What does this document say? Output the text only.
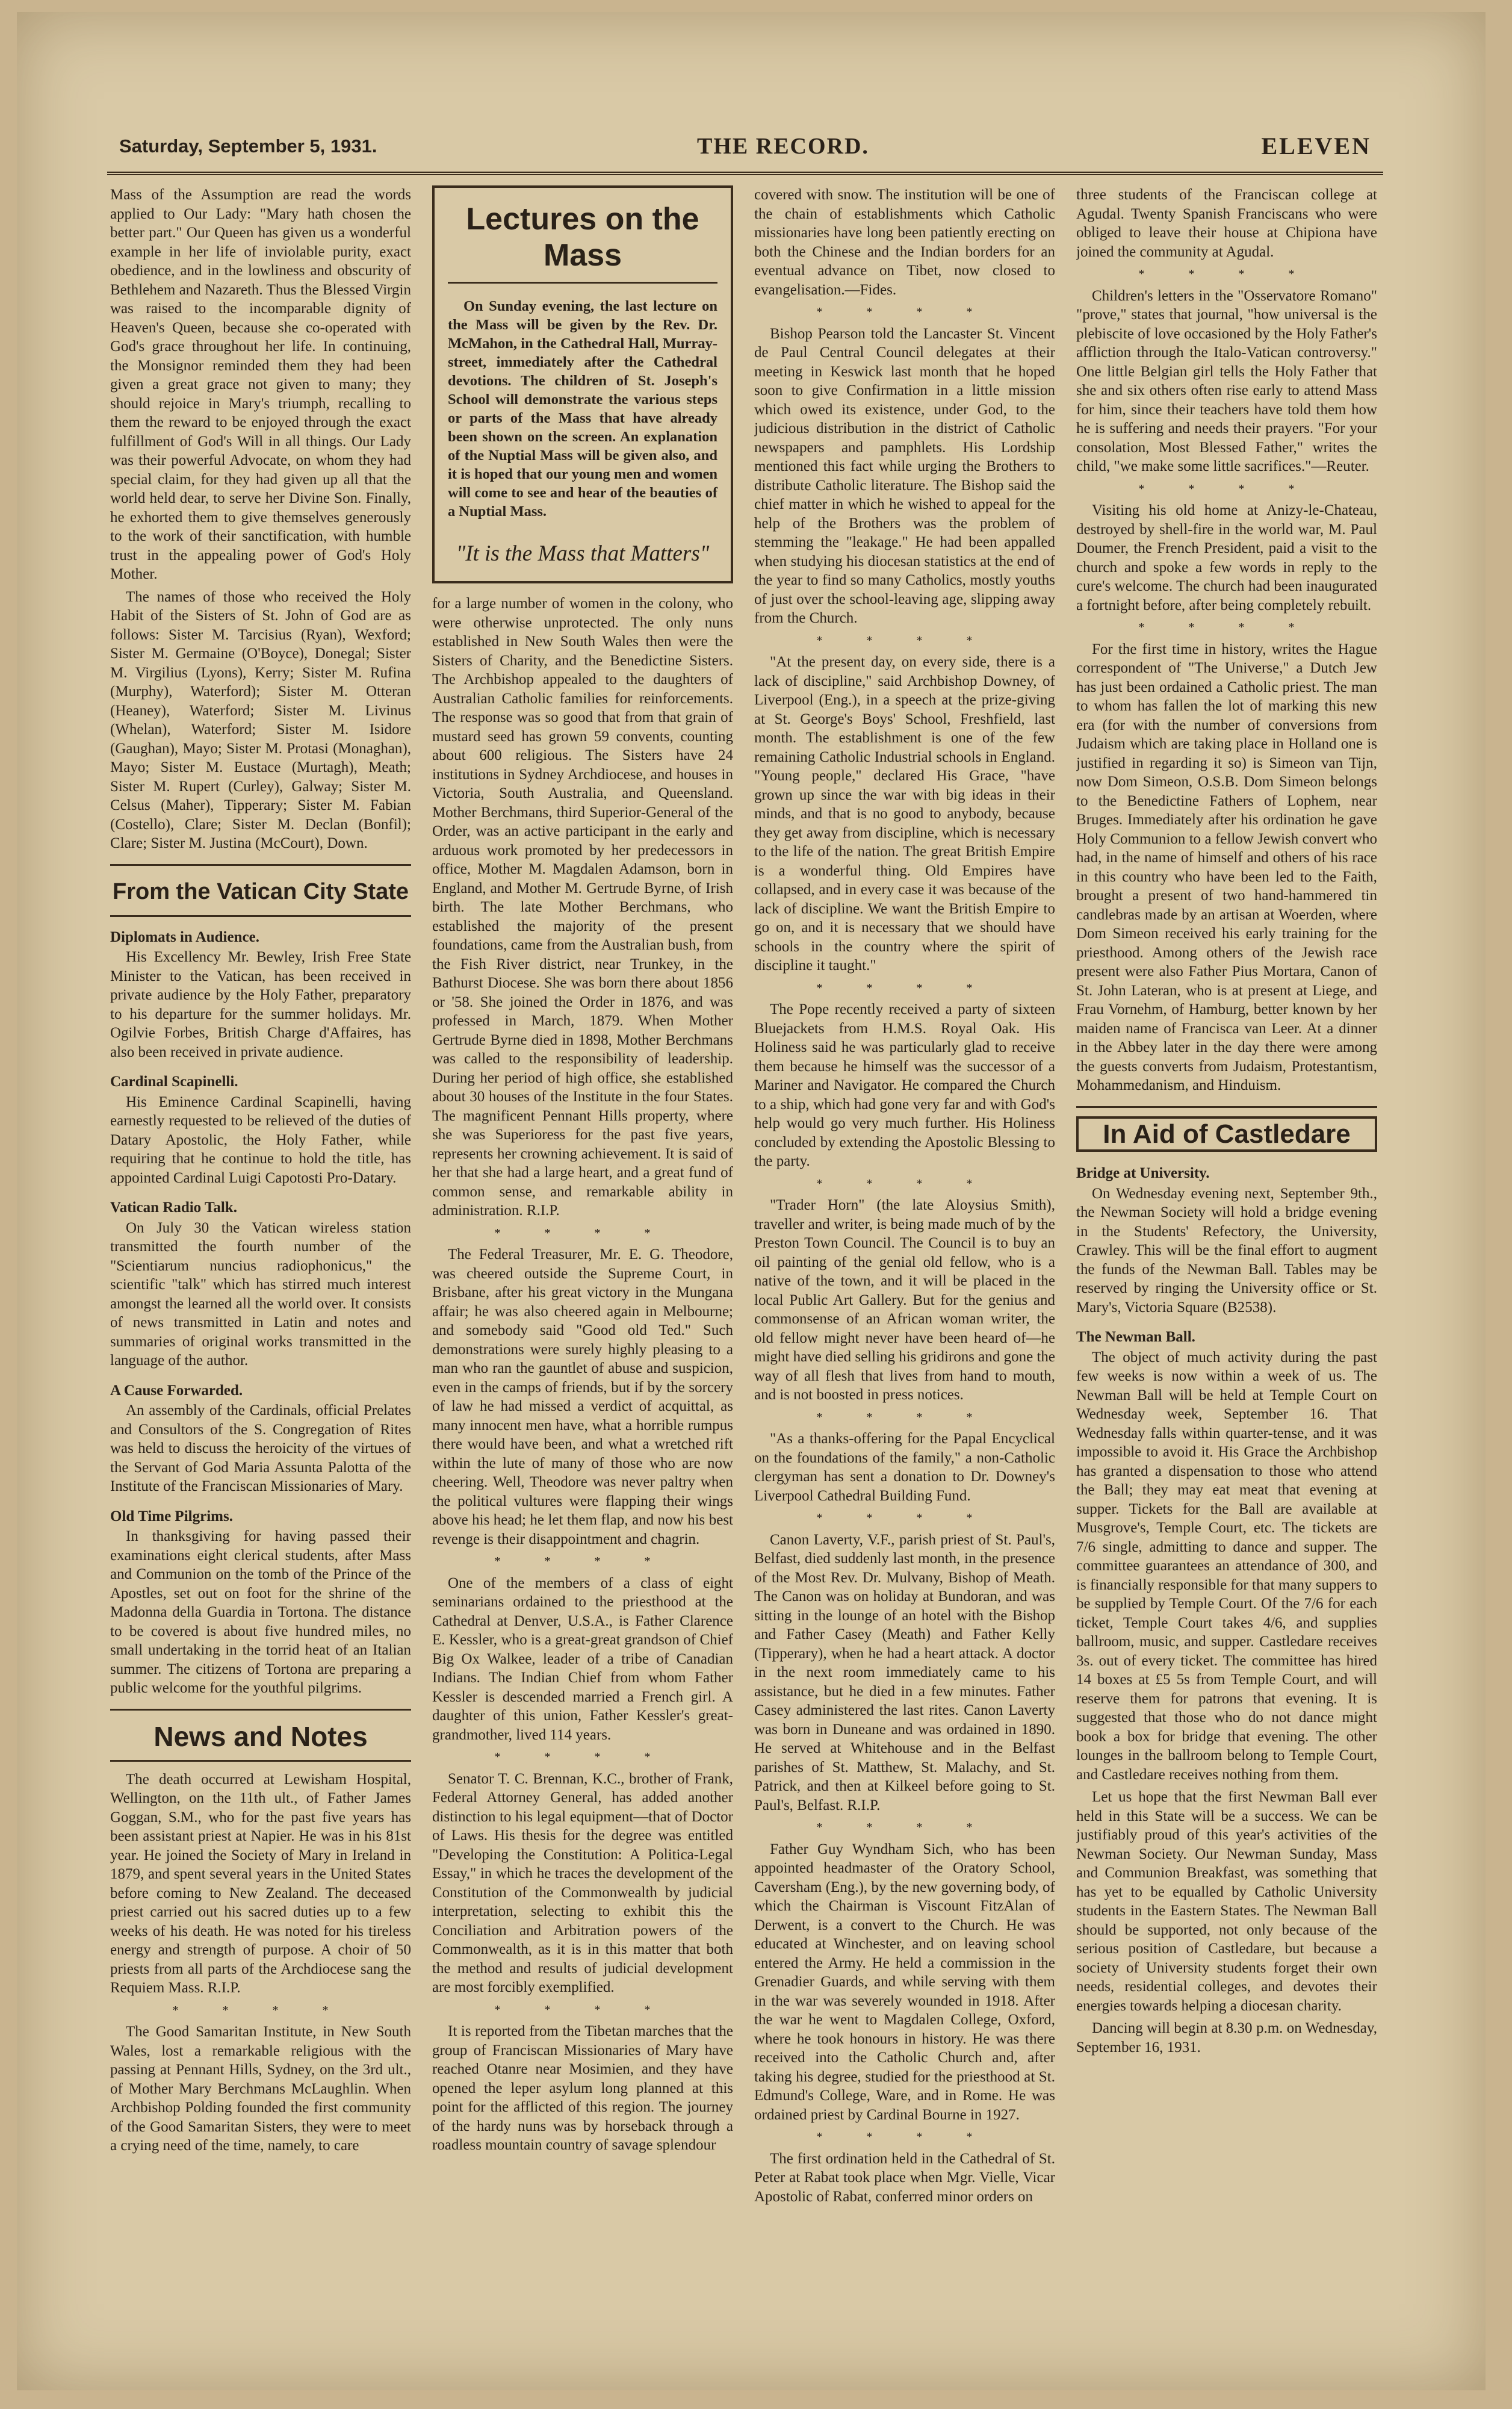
Saturday, September 5, 1931.	THE RECORD.	ELEVEN

Mass of the Assumption are read the words applied to Our Lady: "Mary hath chosen the better part." Our Queen has given us a wonderful example in her life of inviolable purity, exact obedience, and in the lowliness and obscurity of Bethlehem and Nazareth. Thus the Blessed Virgin was raised to the incomparable dignity of Heaven's Queen, because she co-operated with God's grace throughout her life. In continuing, the Monsignor reminded them they had been given a great grace not given to many; they should rejoice in Mary's triumph, recalling to them the reward to be enjoyed through the exact fulfillment of God's Will in all things. Our Lady was their powerful Advocate, on whom they had special claim, for they had given up all that the world held dear, to serve her Divine Son. Finally, he exhorted them to give themselves generously to the work of their sanctification, with humble trust in the appealing power of God's Holy Mother.

The names of those who received the Holy Habit of the Sisters of St. John of God are as follows: Sister M. Tarcisius (Ryan), Wexford; Sister M. Germaine (O'Boyce), Donegal; Sister M. Virgilius (Lyons), Kerry; Sister M. Rufina (Murphy), Waterford); Sister M. Otteran (Heaney), Waterford; Sister M. Livinus (Whelan), Waterford; Sister M. Isidore (Gaughan), Mayo; Sister M. Protasi (Monaghan), Mayo; Sister M. Eustace (Murtagh), Meath; Sister M. Rupert (Curley), Galway; Sister M. Celsus (Maher), Tipperary; Sister M. Fabian (Costello), Clare; Sister M. Declan (Bonfil); Clare; Sister M. Justina (McCourt), Down.

From the Vatican City State
Diplomats in Audience.

His Excellency Mr. Bewley, Irish Free State Minister to the Vatican, has been received in private audience by the Holy Father, preparatory to his departure for the summer holidays. Mr. Ogilvie Forbes, British Charge d'Affaires, has also been received in private audience.

Cardinal Scapinelli.

His Eminence Cardinal Scapinelli, having earnestly requested to be relieved of the duties of Datary Apostolic, the Holy Father, while requiring that he continue to hold the title, has appointed Cardinal Luigi Capotosti Pro-Datary.

Vatican Radio Talk.

On July 30 the Vatican wireless station transmitted the fourth number of the "Scientiarum nuncius radiophonicus," the scientific "talk" which has stirred much interest amongst the learned all the world over. It consists of news transmitted in Latin and notes and summaries of original works transmitted in the language of the author.

A Cause Forwarded.

An assembly of the Cardinals, official Prelates and Consultors of the S. Congregation of Rites was held to discuss the heroicity of the virtues of the Servant of God Maria Assunta Palotta of the Institute of the Franciscan Missionaries of Mary.

Old Time Pilgrims.

In thanksgiving for having passed their examinations eight clerical students, after Mass and Communion on the tomb of the Prince of the Apostles, set out on foot for the shrine of the Madonna della Guardia in Tortona. The distance to be covered is about five hundred miles, no small undertaking in the torrid heat of an Italian summer. The citizens of Tortona are preparing a public welcome for the youthful pilgrims.

News and Notes

The death occurred at Lewisham Hospital, Wellington, on the 11th ult., of Father James Goggan, S.M., who for the past five years has been assistant priest at Napier. He was in his 81st year. He joined the Society of Mary in Ireland in 1879, and spent several years in the United States before coming to New Zealand. The deceased priest carried out his sacred duties up to a few weeks of his death. He was noted for his tireless energy and strength of purpose. A choir of 50 priests from all parts of the Archdiocese sang the Requiem Mass. R.I.P.

* * * *

The Good Samaritan Institute, in New South Wales, lost a remarkable religious with the passing at Pennant Hills, Sydney, on the 3rd ult., of Mother Mary Berchmans McLaughlin. When Archbishop Polding founded the first community of the Good Samaritan Sisters, they were to meet a crying need of the time, namely, to care

Lectures on the Mass
On Sunday evening, the last lecture on the Mass will be given by the Rev. Dr. McMahon, in the Cathedral Hall, Murray-street, immediately after the Cathedral devotions. The children of St. Joseph's School will demonstrate the various steps or parts of the Mass that have already been shown on the screen. An explanation of the Nuptial Mass will be given also, and it is hoped that our young men and women will come to see and hear of the beauties of a Nuptial Mass.
"It is the Mass that Matters"

for a large number of women in the colony, who were otherwise unprotected. The only nuns established in New South Wales then were the Sisters of Charity, and the Benedictine Sisters. The Archbishop appealed to the daughters of Australian Catholic families for reinforcements. The response was so good that from that grain of mustard seed has grown 59 convents, counting about 600 religious. The Sisters have 24 institutions in Sydney Archdiocese, and houses in Victoria, South Australia, and Queensland. Mother Berchmans, third Superior-General of the Order, was an active participant in the early and arduous work promoted by her predecessors in office, Mother M. Magdalen Adamson, born in England, and Mother M. Gertrude Byrne, of Irish birth. The late Mother Berchmans, who established the majority of the present foundations, came from the Australian bush, from the Fish River district, near Trunkey, in the Bathurst Diocese. She was born there about 1856 or '58. She joined the Order in 1876, and was professed in March, 1879. When Mother Gertrude Byrne died in 1898, Mother Berchmans was called to the responsibility of leadership. During her period of high office, she established about 30 houses of the Institute in the four States. The magnificent Pennant Hills property, where she was Superioress for the past five years, represents her crowning achievement. It is said of her that she had a large heart, and a great fund of common sense, and remarkable ability in administration. R.I.P.

* * * *

The Federal Treasurer, Mr. E. G. Theodore, was cheered outside the Supreme Court, in Brisbane, after his great victory in the Mungana affair; he was also cheered again in Melbourne; and somebody said "Good old Ted." Such demonstrations were surely highly pleasing to a man who ran the gauntlet of abuse and suspicion, even in the camps of friends, but if by the sorcery of law he had missed a verdict of acquittal, as many innocent men have, what a horrible rumpus there would have been, and what a wretched rift within the lute of many of those who are now cheering. Well, Theodore was never paltry when the political vultures were flapping their wings above his head; he let them flap, and now his best revenge is their disappointment and chagrin.

* * * *

One of the members of a class of eight seminarians ordained to the priesthood at the Cathedral at Denver, U.S.A., is Father Clarence E. Kessler, who is a great-great grandson of Chief Big Ox Walkee, leader of a tribe of Canadian Indians. The Indian Chief from whom Father Kessler is descended married a French girl. A daughter of this union, Father Kessler's great-grandmother, lived 114 years.

* * * *

Senator T. C. Brennan, K.C., brother of Frank, Federal Attorney General, has added another distinction to his legal equipment—that of Doctor of Laws. His thesis for the degree was entitled "Developing the Constitution: A Politica-Legal Essay," in which he traces the development of the Constitution of the Commonwealth by judicial interpretation, selecting to exhibit this the Conciliation and Arbitration powers of the Commonwealth, as it is in this matter that both the method and results of judicial development are most forcibly exemplified.

* * * *

It is reported from the Tibetan marches that the group of Franciscan Missionaries of Mary have reached Otanre near Mosimien, and they have opened the leper asylum long planned at this point for the afflicted of this region. The journey of the hardy nuns was by horseback through a roadless mountain country of savage splendour

covered with snow. The institution will be one of the chain of establishments which Catholic missionaries have long been patiently erecting on both the Chinese and the Indian borders for an eventual advance on Tibet, now closed to evangelisation.—Fides.

* * * *

Bishop Pearson told the Lancaster St. Vincent de Paul Central Council delegates at their meeting in Keswick last month that he hoped soon to give Confirmation in a little mission which owed its existence, under God, to the judicious distribution in the district of Catholic newspapers and pamphlets. His Lordship mentioned this fact while urging the Brothers to distribute Catholic literature. The Bishop said the chief matter in which he wished to appeal for the help of the Brothers was the problem of stemming the "leakage." He had been appalled when studying his diocesan statistics at the end of the year to find so many Catholics, mostly youths of just over the school-leaving age, slipping away from the Church.

* * * *

"At the present day, on every side, there is a lack of discipline," said Archbishop Downey, of Liverpool (Eng.), in a speech at the prize-giving at St. George's Boys' School, Freshfield, last month. The establishment is one of the few remaining Catholic Industrial schools in England. "Young people," declared His Grace, "have grown up since the war with big ideas in their minds, and that is no good to anybody, because they get away from discipline, which is necessary to the life of the nation. The great British Empire is a wonderful thing. Old Empires have collapsed, and in every case it was because of the lack of discipline. We want the British Empire to go on, and it is necessary that we should have schools in the country where the spirit of discipline it taught."

* * * *

The Pope recently received a party of sixteen Bluejackets from H.M.S. Royal Oak. His Holiness said he was particularly glad to receive them because he himself was the successor of a Mariner and Navigator. He compared the Church to a ship, which had gone very far and with God's help would go very much further. His Holiness concluded by extending the Apostolic Blessing to the party.

* * * *

"Trader Horn" (the late Aloysius Smith), traveller and writer, is being made much of by the Preston Town Council. The Council is to buy an oil painting of the genial old fellow, who is a native of the town, and it will be placed in the local Public Art Gallery. But for the genius and commonsense of an African woman writer, the old fellow might never have been heard of—he might have died selling his gridirons and gone the way of all flesh that lives from hand to mouth, and is not boosted in press notices.

* * * *

"As a thanks-offering for the Papal Encyclical on the foundations of the family," a non-Catholic clergyman has sent a donation to Dr. Downey's Liverpool Cathedral Building Fund.

* * * *

Canon Laverty, V.F., parish priest of St. Paul's, Belfast, died suddenly last month, in the presence of the Most Rev. Dr. Mulvany, Bishop of Meath. The Canon was on holiday at Bundoran, and was sitting in the lounge of an hotel with the Bishop and Father Casey (Meath) and Father Kelly (Tipperary), when he had a heart attack. A doctor in the next room immediately came to his assistance, but he died in a few minutes. Father Casey administered the last rites. Canon Laverty was born in Duneane and was ordained in 1890. He served at Whitehouse and in the Belfast parishes of St. Matthew, St. Malachy, and St. Patrick, and then at Kilkeel before going to St. Paul's, Belfast. R.I.P.

* * * *

Father Guy Wyndham Sich, who has been appointed headmaster of the Oratory School, Caversham (Eng.), by the new governing body, of which the Chairman is Viscount FitzAlan of Derwent, is a convert to the Church. He was educated at Winchester, and on leaving school entered the Army. He held a commission in the Grenadier Guards, and while serving with them in the war was severely wounded in 1918. After the war he went to Magdalen College, Oxford, where he took honours in history. He was there received into the Catholic Church and, after taking his degree, studied for the priesthood at St. Edmund's College, Ware, and in Rome. He was ordained priest by Cardinal Bourne in 1927.

* * * *

The first ordination held in the Cathedral of St. Peter at Rabat took place when Mgr. Vielle, Vicar Apostolic of Rabat, conferred minor orders on

three students of the Franciscan college at Agudal. Twenty Spanish Franciscans who were obliged to leave their house at Chipiona have joined the community at Agudal.

* * * *

Children's letters in the "Osservatore Romano" "prove," states that journal, "how universal is the plebiscite of love occasioned by the Holy Father's affliction through the Italo-Vatican controversy." One little Belgian girl tells the Holy Father that she and six others often rise early to attend Mass for him, since their teachers have told them how he is suffering and needs their prayers. "For your consolation, Most Blessed Father," writes the child, "we make some little sacrifices."—Reuter.

* * * *

Visiting his old home at Anizy-le-Chateau, destroyed by shell-fire in the world war, M. Paul Doumer, the French President, paid a visit to the church and spoke a few words in reply to the cure's welcome. The church had been inaugurated a fortnight before, after being completely rebuilt.

* * * *

For the first time in history, writes the Hague correspondent of "The Universe," a Dutch Jew has just been ordained a Catholic priest. The man to whom has fallen the lot of marking this new era (for with the number of conversions from Judaism which are taking place in Holland one is justified in regarding it so) is Simeon van Tijn, now Dom Simeon, O.S.B. Dom Simeon belongs to the Benedictine Fathers of Lophem, near Bruges. Immediately after his ordination he gave Holy Communion to a fellow Jewish convert who had, in the name of himself and others of his race in this country who have been led to the Faith, brought a present of two hand-hammered tin candlebras made by an artisan at Woerden, where Dom Simeon received his early training for the priesthood. Among others of the Jewish race present were also Father Pius Mortara, Canon of St. John Lateran, who is at present at Liege, and Frau Vornehm, of Hamburg, better known by her maiden name of Francisca van Leer. At a dinner in the Abbey later in the day there were among the guests converts from Judaism, Protestantism, Mohammedanism, and Hinduism.

In Aid of Castledare
Bridge at University.

On Wednesday evening next, September 9th., the Newman Society will hold a bridge evening in the Students' Refectory, the University, Crawley. This will be the final effort to augment the funds of the Newman Ball. Tables may be reserved by ringing the University office or St. Mary's, Victoria Square (B2538).

The Newman Ball.

The object of much activity during the past few weeks is now within a week of us. The Newman Ball will be held at Temple Court on Wednesday week, September 16. That Wednesday falls within quarter-tense, and it was impossible to avoid it. His Grace the Archbishop has granted a dispensation to those who attend the Ball; they may eat meat that evening at supper. Tickets for the Ball are available at Musgrove's, Temple Court, etc. The tickets are 7/6 single, admitting to dance and supper. The committee guarantees an attendance of 300, and is financially responsible for that many suppers to be supplied by Temple Court. Of the 7/6 for each ticket, Temple Court takes 4/6, and supplies ballroom, music, and supper. Castledare receives 3s. out of every ticket. The committee has hired 14 boxes at £5 5s from Temple Court, and will reserve them for patrons that evening. It is suggested that those who do not dance might book a box for bridge that evening. The other lounges in the ballroom belong to Temple Court, and Castledare receives nothing from them.

Let us hope that the first Newman Ball ever held in this State will be a success. We can be justifiably proud of this year's activities of the Newman Society. Our Newman Sunday, Mass and Communion Breakfast, was something that has yet to be equalled by Catholic University students in the Eastern States. The Newman Ball should be supported, not only because of the serious position of Castledare, but because a society of University students forget their own needs, residential colleges, and devotes their energies towards helping a diocesan charity.

Dancing will begin at 8.30 p.m. on Wednesday, September 16, 1931.
